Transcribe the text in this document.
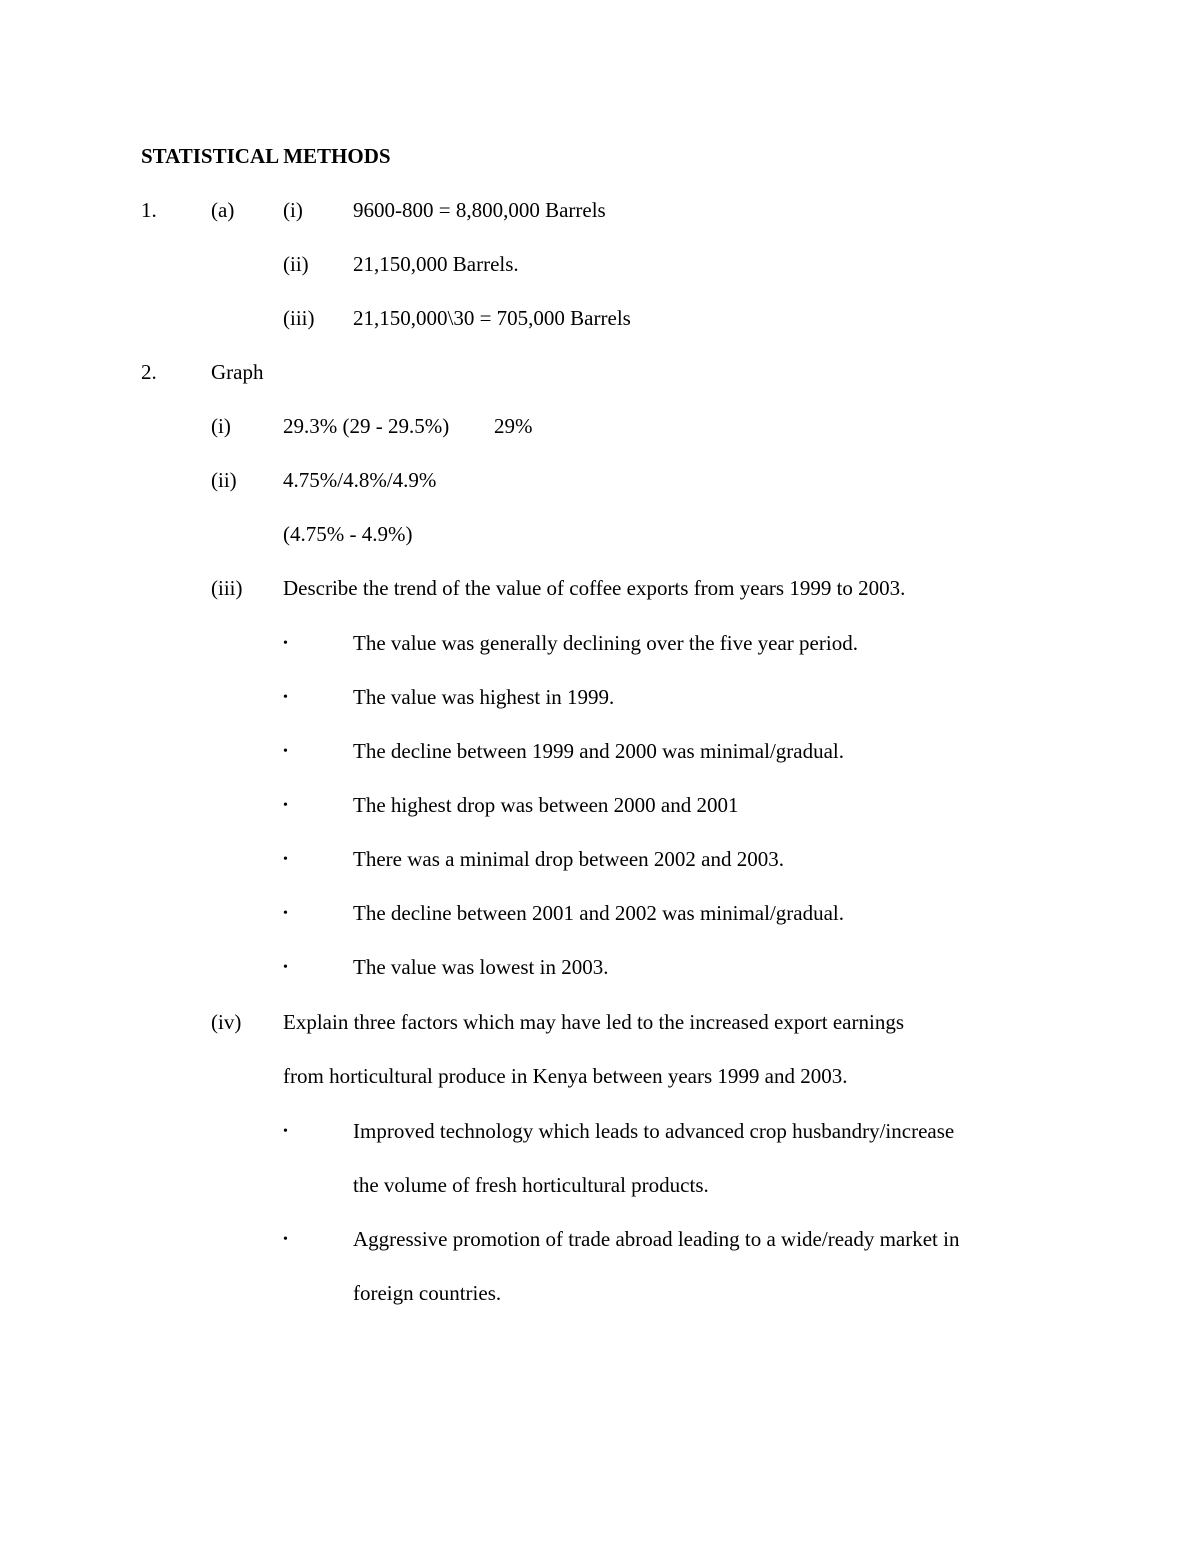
STATISTICAL METHODS
1.	(a) (i) 9600-800 = 8,800,000 Barrels
(ii) 21,150,000 Barrels.
(iii) 21,150,000\30 = 705,000 Barrels
2.	Graph
(i) 29.3% (29 - 29.5%) 29%
(ii) 4.75%/4.8%/4.9%
(4.75% - 4.9%)
(iii) Describe the trend of the value of coffee exports from years 1999 to 2003.
•	The value was generally declining over the five year period.
•	The value was highest in 1999.
•	The decline between 1999 and 2000 was minimal/gradual.
•	The highest drop was between 2000 and 2001
•	There was a minimal drop between 2002 and 2003.
•	The decline between 2001 and 2002 was minimal/gradual.
•	The value was lowest in 2003.
(iv) Explain three factors which may have led to the increased export earnings
from horticultural produce in Kenya between years 1999 and 2003.
•	Improved technology which leads to advanced crop husbandry/increase
the volume of fresh horticultural products.
•	Aggressive promotion of trade abroad leading to a wide/ready market in
foreign countries.
